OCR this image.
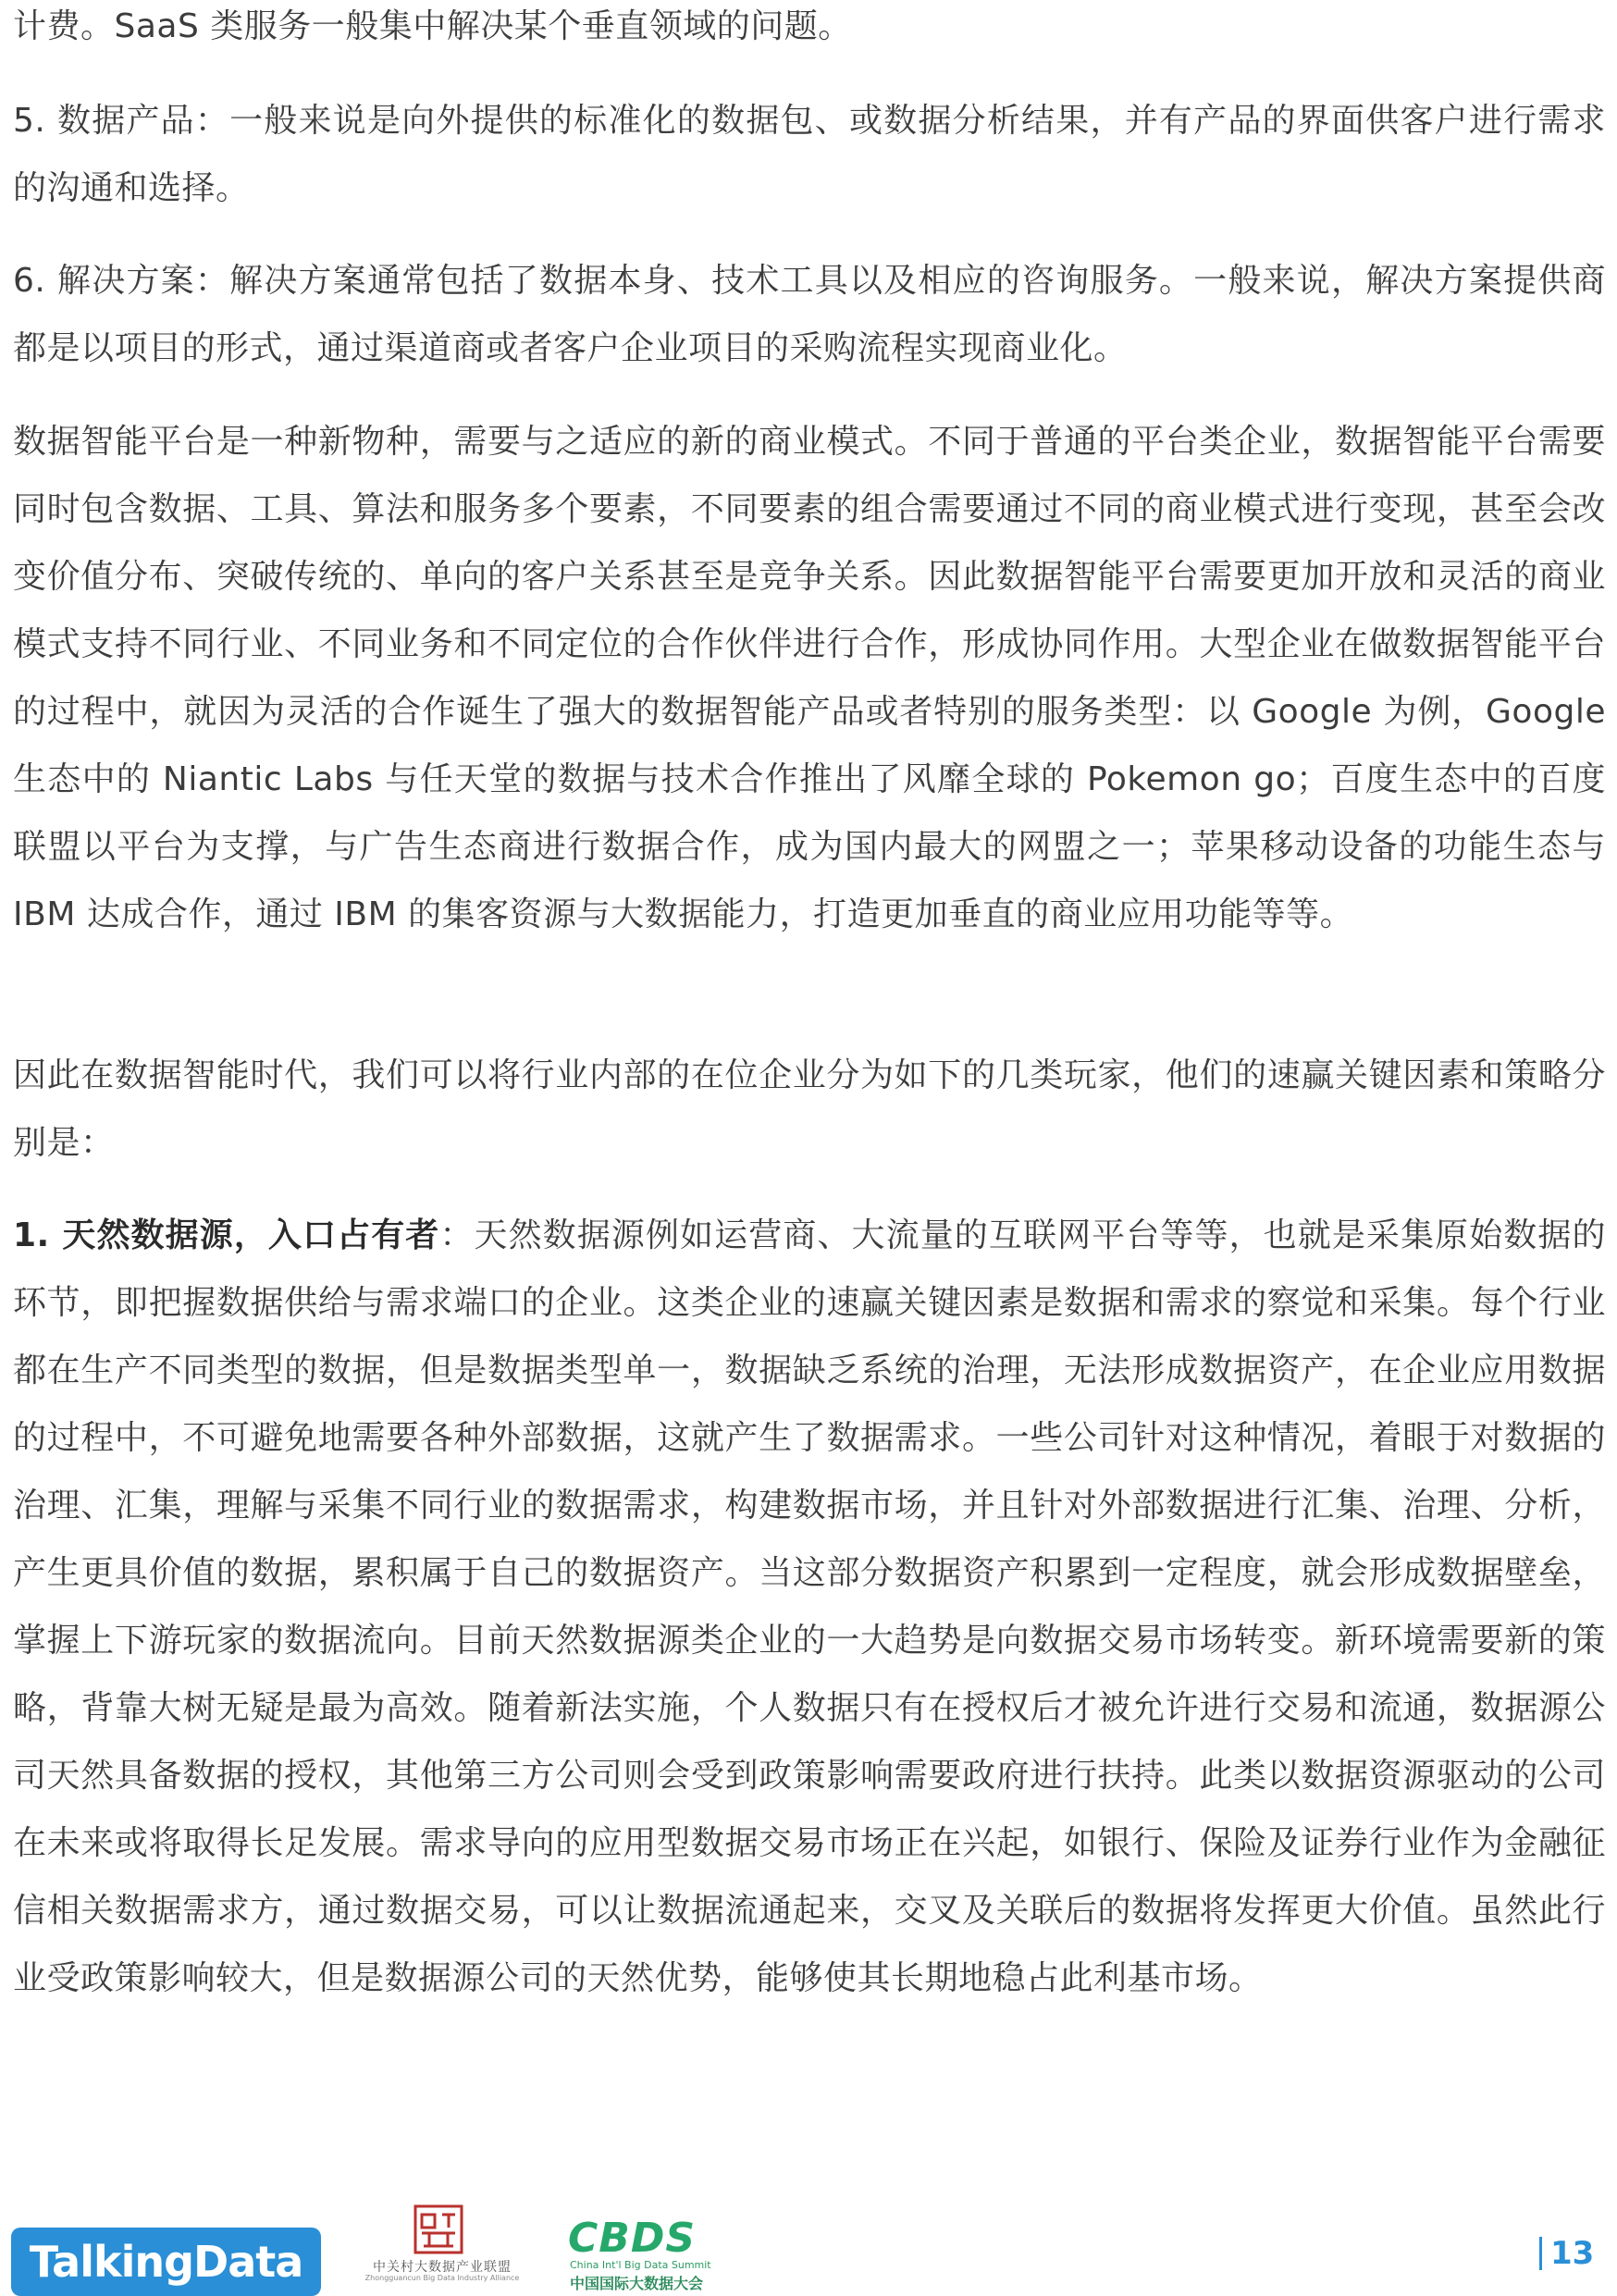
计费。SaaS 类服务一般集中解决某个垂直领域的问题。

5. 数据产品：一般来说是向外提供的标准化的数据包、或数据分析结果，并有产品的界面供客户进行需求的沟通和选择。

6. 解决方案：解决方案通常包括了数据本身、技术工具以及相应的咨询服务。一般来说，解决方案提供商都是以项目的形式，通过渠道商或者客户企业项目的采购流程实现商业化。

数据智能平台是一种新物种，需要与之适应的新的商业模式。不同于普通的平台类企业，数据智能平台需要同时包含数据、工具、算法和服务多个要素，不同要素的组合需要通过不同的商业模式进行变现，甚至会改变价值分布、突破传统的、单向的客户关系甚至是竞争关系。因此数据智能平台需要更加开放和灵活的商业模式支持不同行业、不同业务和不同定位的合作伙伴进行合作，形成协同作用。大型企业在做数据智能平台的过程中，就因为灵活的合作诞生了强大的数据智能产品或者特别的服务类型：以 Google 为例，Google 生态中的 Niantic Labs 与任天堂的数据与技术合作推出了风靡全球的 Pokemon go；百度生态中的百度联盟以平台为支撑，与广告生态商进行数据合作，成为国内最大的网盟之一；苹果移动设备的功能生态与 IBM 达成合作，通过 IBM 的集客资源与大数据能力，打造更加垂直的商业应用功能等等。

因此在数据智能时代，我们可以将行业内部的在位企业分为如下的几类玩家，他们的速赢关键因素和策略分别是：

1. 天然数据源，入口占有者：天然数据源例如运营商、大流量的互联网平台等等，也就是采集原始数据的环节，即把握数据供给与需求端口的企业。这类企业的速赢关键因素是数据和需求的察觉和采集。每个行业都在生产不同类型的数据，但是数据类型单一，数据缺乏系统的治理，无法形成数据资产，在企业应用数据的过程中，不可避免地需要各种外部数据，这就产生了数据需求。一些公司针对这种情况，着眼于对数据的治理、汇集，理解与采集不同行业的数据需求，构建数据市场，并且针对外部数据进行汇集、治理、分析，产生更具价值的数据，累积属于自己的数据资产。当这部分数据资产积累到一定程度，就会形成数据壁垒，掌握上下游玩家的数据流向。目前天然数据源类企业的一大趋势是向数据交易市场转变。新环境需要新的策略，背靠大树无疑是最为高效。随着新法实施，个人数据只有在授权后才被允许进行交易和流通，数据源公司天然具备数据的授权，其他第三方公司则会受到政策影响需要政府进行扶持。此类以数据资源驱动的公司在未来或将取得长足发展。需求导向的应用型数据交易市场正在兴起，如银行、保险及证券行业作为金融征信相关数据需求方，通过数据交易，可以让数据流通起来，交叉及关联后的数据将发挥更大价值。虽然此行业受政策影响较大，但是数据源公司的天然优势，能够使其长期地稳占此利基市场。

TalkingData	中关村大数据产业联盟
Zhongguancun Big Data Industry Alliance
CBDS
China Int'l Big Data Summit
中国国际大数据大会
13
